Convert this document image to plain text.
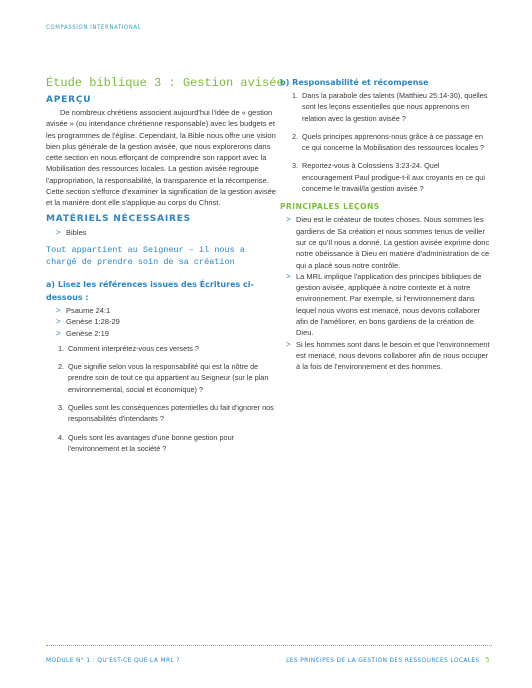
COMPASSION INTERNATIONAL
Étude biblique 3 : Gestion avisée
APERÇU

De nombreux chrétiens associent aujourd'hui l'idée de « gestion avisée » (ou intendance chrétienne responsable) avec les budgets et les programmes de l'église. Cependant, la Bible nous offre une vision bien plus générale de la gestion avisée, que nous explorerons dans cette section en nous efforçant de comprendre son rapport avec la Mobilisation des ressources locales. La gestion avisée regroupe l'appropriation, la responsabilité, la transparence et la récompense. Cette section s'efforce d'examiner la signification de la gestion avisée et la manière dont elle s'applique au corps du Christ.

MATÉRIELS NÉCESSAIRES
> Bibles
Tout appartient au Seigneur – il nous a chargé de prendre soin de sa création
a) Lisez les références issues des Écritures ci-dessous :
> Psaume 24:1
> Genèse 1:28-29
> Genèse 2:19
1. Comment interprétez-vous ces versets ?
2. Que signifie selon vous la responsabilité qui est la nôtre de prendre soin de tout ce qui appartient au Seigneur (sur le plan environnemental, social et économique) ?
3. Quelles sont les conséquences potentielles du fait d'ignorer nos responsabilités d'intendants ?
4. Quels sont les avantages d'une bonne gestion pour l'environnement et la société ?
b) Responsabilité et récompense
1. Dans la parabole des talents (Matthieu 25:14-30), quelles sont les leçons essentielles que nous apprenons en relation avec la gestion avisée ?
2. Quels principes apprenons-nous grâce à ce passage en ce qui concerne la Mobilisation des ressources locales ?
3. Reportez-vous à Colossiens 3:23-24. Quel encouragement Paul prodigue-t-il aux croyants en ce qui concerne le travail/la gestion avisée ?
PRINCIPALES LEÇONS
> Dieu est le créateur de toutes choses. Nous sommes les gardiens de Sa création et nous sommes tenus de veiller sur ce qu'Il nous a donné. La gestion avisée exprime donc notre obéissance à Dieu en matière d'administration de ce qui a placé sous notre contrôle.
> La MRL implique l'application des principes bibliques de gestion avisée, appliquée à notre contexte et à notre environnement. Par exemple, si l'environnement dans lequel nous vivons est menacé, nous devons collaborer afin de l'améliorer, en bons gardiens de la création de Dieu.
> Si les hommes sont dans le besoin et que l'environnement est menacé, nous devons collaborer afin de nous occuper à la fois de l'environnement et des hommes.
MODULE N° 1 : QU'EST-CE QUE LA MRL ?	LES PRINCIPES DE LA GESTION DES RESSOURCES LOCALES 5
